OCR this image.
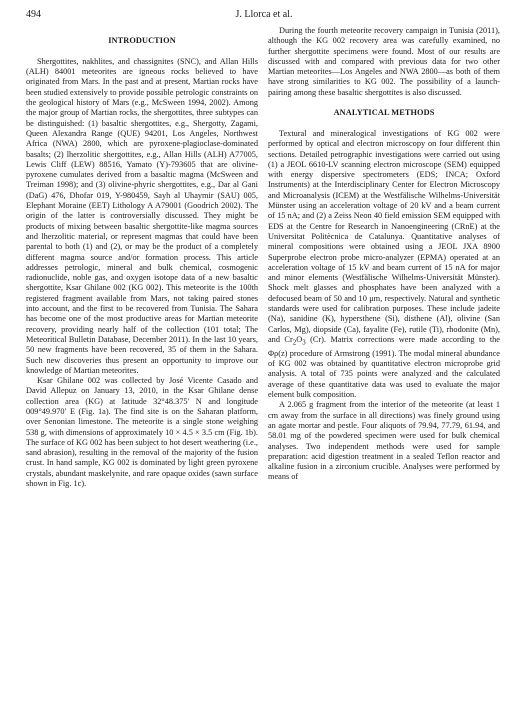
494	J. Llorca et al.
INTRODUCTION

Shergottites, nakhlites, and chassignites (SNC), and Allan Hills (ALH) 84001 meteorites are igneous rocks believed to have originated from Mars. In the past and at present, Martian rocks have been studied extensively to provide possible petrologic constraints on the geological history of Mars (e.g., McSween 1994, 2002). Among the major group of Martian rocks, the shergottites, three subtypes can be distinguished: (1) basaltic shergottites, e.g., Shergotty, Zagami, Queen Alexandra Range (QUE) 94201, Los Angeles, Northwest Africa (NWA) 2800, which are pyroxene-plagioclase-dominated basalts; (2) lherzolitic shergottites, e.g., Allan Hills (ALH) A77005, Lewis Cliff (LEW) 88516, Yamato (Y)-793605 that are olivine-pyroxene cumulates derived from a basaltic magma (McSween and Treiman 1998); and (3) olivine-phyric shergottites, e.g., Dar al Gani (DaG) 476, Dhofar 019, Y-980459, Sayh al Uhaymir (SAU) 005, Elephant Moraine (EET) Lithology A A79001 (Goodrich 2002). The origin of the latter is controversially discussed. They might be products of mixing between basaltic shergottite-like magma sources and lherzolitic material, or represent magmas that could have been parental to both (1) and (2), or may be the product of a completely different magma source and/or formation process. This article addresses petrologic, mineral and bulk chemical, cosmogenic radionuclide, noble gas, and oxygen isotope data of a new basaltic shergottite, Ksar Ghilane 002 (KG 002). This meteorite is the 100th registered fragment available from Mars, not taking paired stones into account, and the first to be recovered from Tunisia. The Sahara has become one of the most productive areas for Martian meteorite recovery, providing nearly half of the collection (101 total; The Meteoritical Bulletin Database, December 2011). In the last 10 years, 50 new fragments have been recovered, 35 of them in the Sahara. Such new discoveries thus present an opportunity to improve our knowledge of Martian meteorites.

Ksar Ghilane 002 was collected by José Vicente Casado and David Allepuz on January 13, 2010, in the Ksar Ghilane dense collection area (KG) at latitude 32°48.375′ N and longitude 009°49.970′ E (Fig. 1a). The find site is on the Saharan platform, over Senonian limestone. The meteorite is a single stone weighing 538 g, with dimensions of approximately 10 × 4.5 × 3.5 cm (Fig. 1b). The surface of KG 002 has been subject to hot desert weathering (i.e., sand abrasion), resulting in the removal of the majority of the fusion crust. In hand sample, KG 002 is dominated by light green pyroxene crystals, abundant maskelynite, and rare opaque oxides (sawn surface shown in Fig. 1c).

During the fourth meteorite recovery campaign in Tunisia (2011), although the KG 002 recovery area was carefully examined, no further shergottite specimens were found. Most of our results are discussed with and compared with previous data for two other Martian meteorites—Los Angeles and NWA 2800—as both of them have strong similarities to KG 002. The possibility of a launch-pairing among these basaltic shergottites is also discussed.

ANALYTICAL METHODS

Textural and mineralogical investigations of KG 002 were performed by optical and electron microscopy on four different thin sections. Detailed petrographic investigations were carried out using (1) a JEOL 6610-LV scanning electron microscope (SEM) equipped with energy dispersive spectrometers (EDS; INCA; Oxford Instruments) at the Interdisciplinary Center for Electron Microscopy and Microanalysis (ICEM) at the Westfälische Wilhelms-Universität Münster using an acceleration voltage of 20 kV and a beam current of 15 nA; and (2) a Zeiss Neon 40 field emission SEM equipped with EDS at the Centre for Research in Nanoengineering (CRnE) at the Universitat Politècnica de Catalunya. Quantitative analyses of mineral compositions were obtained using a JEOL JXA 8900 Superprobe electron probe micro-analyzer (EPMA) operated at an acceleration voltage of 15 kV and beam current of 15 nA for major and minor elements (Westfälische Wilhelms-Universität Münster). Shock melt glasses and phosphates have been analyzed with a defocused beam of 50 and 10 μm, respectively. Natural and synthetic standards were used for calibration purposes. These include jadeite (Na), sanidine (K), hypersthene (Si), disthene (Al), olivine (San Carlos, Mg), diopside (Ca), fayalite (Fe), rutile (Ti), rhodonite (Mn), and $Cr_2O_3$ (Cr). Matrix corrections were made according to the Φρ(z) procedure of Armstrong (1991). The modal mineral abundance of KG 002 was obtained by quantitative electron microprobe grid analysis. A total of 735 points were analyzed and the calculated average of these quantitative data was used to evaluate the major element bulk composition.

A 2.065 g fragment from the interior of the meteorite (at least 1 cm away from the surface in all directions) was finely ground using an agate mortar and pestle. Four aliquots of 79.94, 77.79, 61.94, and 58.01 mg of the powdered specimen were used for bulk chemical analyses. Two independent methods were used for sample preparation: acid digestion treatment in a sealed Teflon reactor and alkaline fusion in a zirconium crucible. Analyses were performed by means of
